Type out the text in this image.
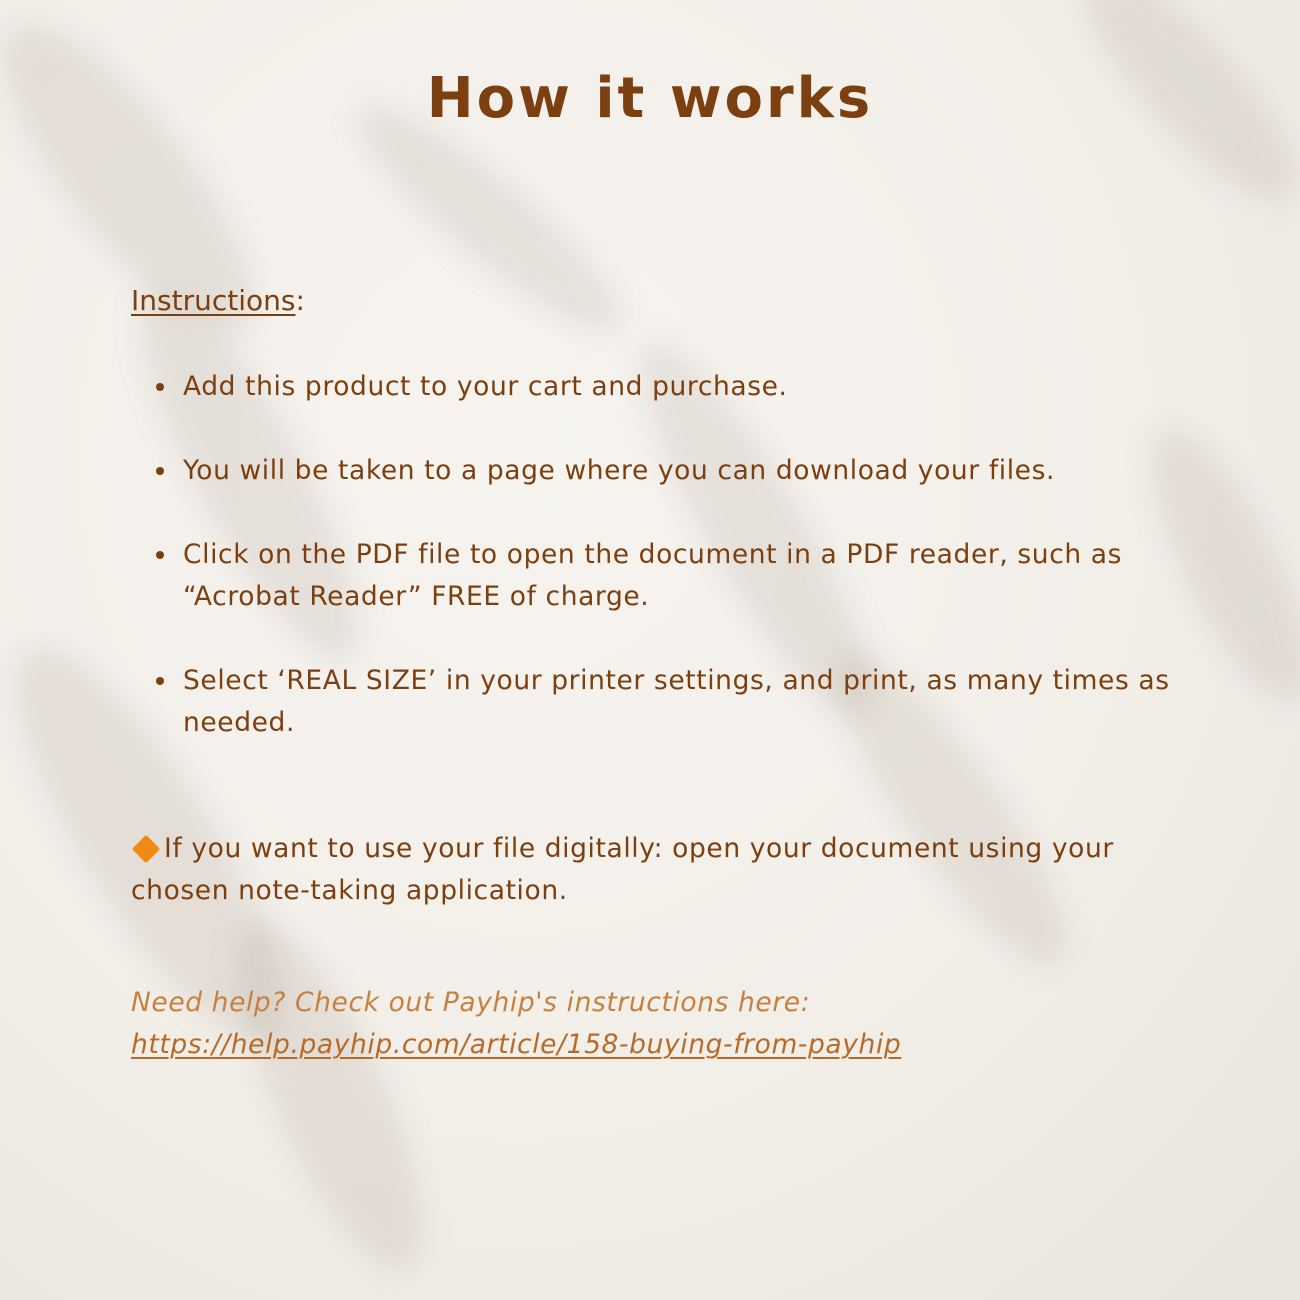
How it works

Instructions:

Add this product to your cart and purchase.
You will be taken to a page where you can download your files.
Click on the PDF file to open the document in a PDF reader, such as “Acrobat Reader” FREE of charge.
Select ‘REAL SIZE’ in your printer settings, and print, as many times as needed.

If you want to use your file digitally: open your document using your chosen note-taking application.

Need help? Check out Payhip's instructions here:
https://help.payhip.com/article/158-buying-from-payhip
